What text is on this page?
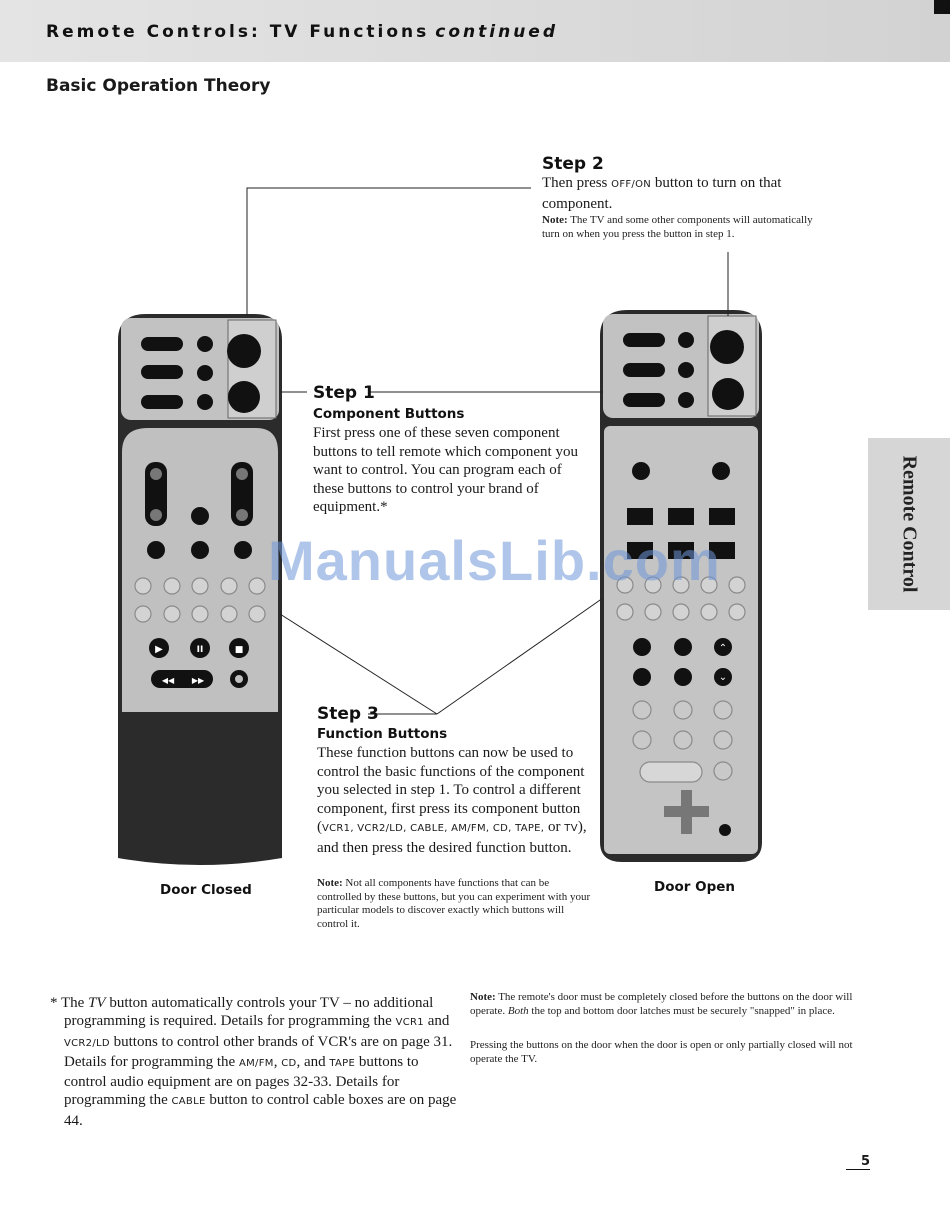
Remote Controls: TV Functions continued
Basic Operation Theory
Remote Control
▶	II	■
◀◀ ▶▶
⌃
⌄
ManualsLib.com
Step 2
Then press OFF/ON button to turn on that component.
Note: The TV and some other components will automatically turn on when you press the button in step 1.
Step 1
Component Buttons
First press one of these seven component buttons to tell remote which component you want to control. You can program each of these buttons to control your brand of equipment.*
Step 3
Function Buttons
These function buttons can now be used to control the basic functions of the component you selected in step 1. To control a different component, first press its component button (VCR1, VCR2/LD, CABLE, AM/FM, CD, TAPE, or TV), and then press the desired function button.
Note: Not all components have functions that can be controlled by these buttons, but you can experiment with your particular models to discover exactly which buttons will control it.
Door Closed	Door Open
* The TV button automatically controls your TV – no additional programming is required. Details for programming the VCR1 and VCR2/LD buttons to control other brands of VCR's are on page 31. Details for programming the AM/FM, CD, and TAPE buttons to control audio equipment are on pages 32-33. Details for programming the CABLE button to control cable boxes are on page 44.
Note: The remote's door must be completely closed before the buttons on the door will operate. Both the top and bottom door latches must be securely "snapped" in place.
Pressing the buttons on the door when the door is open or only partially closed will not operate the TV.
5
